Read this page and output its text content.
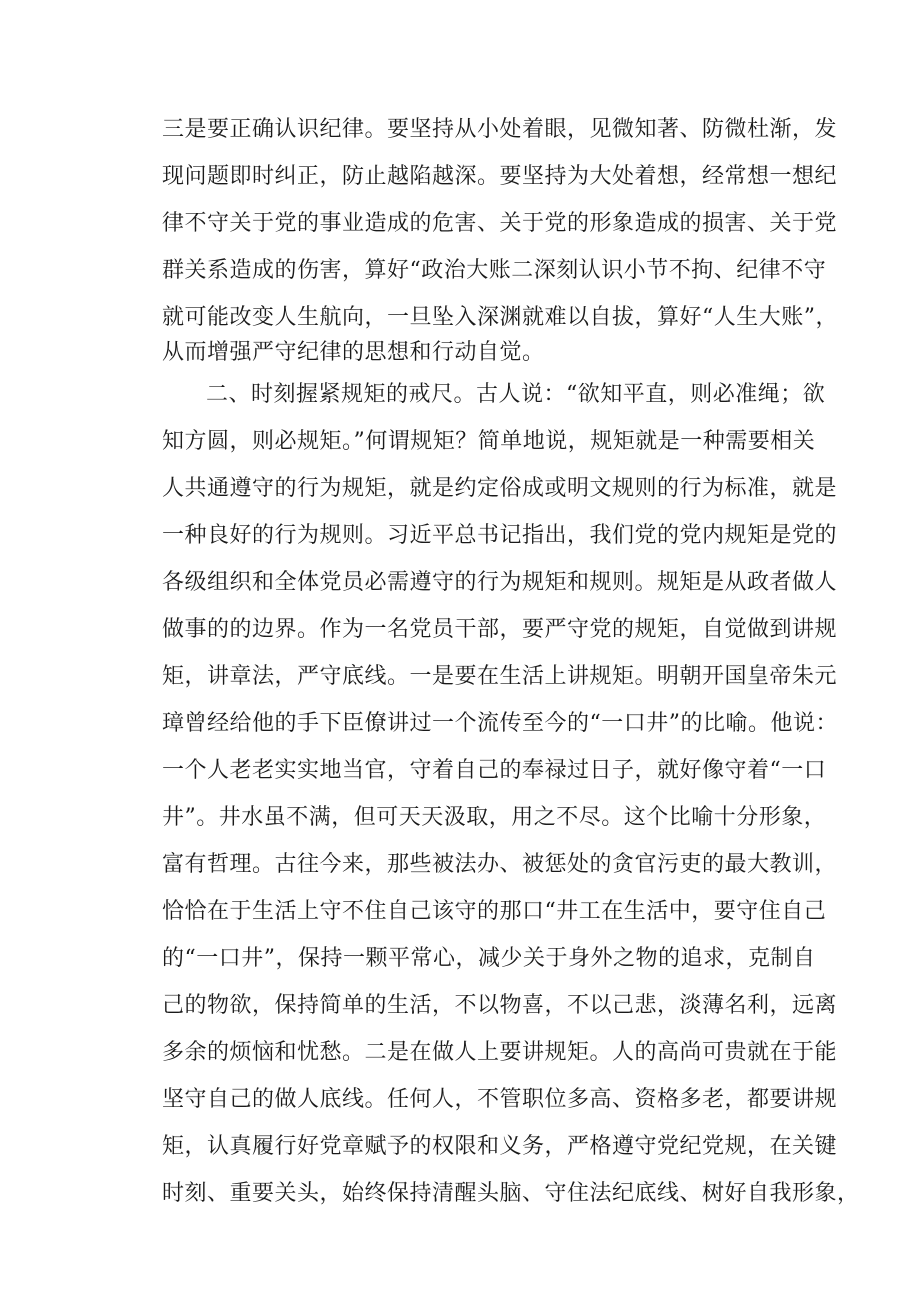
三是要正确认识纪律。要坚持从小处着眼，见微知著、防微杜渐，发
现问题即时纠正，防止越陷越深。要坚持为大处着想，经常想一想纪
律不守关于党的事业造成的危害、关于党的形象造成的损害、关于党
群关系造成的伤害，算好“政治大账二深刻认识小节不拘、纪律不守
就可能改变人生航向，一旦坠入深渊就难以自拔，算好“人生大账”，
从而增强严守纪律的思想和行动自觉。
二、时刻握紧规矩的戒尺。古人说：“欲知平直，则必准绳；欲
知方圆，则必规矩。”何谓规矩？简单地说，规矩就是一种需要相关
人共通遵守的行为规矩，就是约定俗成或明文规则的行为标准，就是
一种良好的行为规则。习近平总书记指出，我们党的党内规矩是党的
各级组织和全体党员必需遵守的行为规矩和规则。规矩是从政者做人
做事的的边界。作为一名党员干部，要严守党的规矩，自觉做到讲规
矩，讲章法，严守底线。一是要在生活上讲规矩。明朝开国皇帝朱元
璋曾经给他的手下臣僚讲过一个流传至今的“一口井”的比喻。他说：
一个人老老实实地当官，守着自己的奉禄过日子，就好像守着“一口
井”。井水虽不满，但可天天汲取，用之不尽。这个比喻十分形象，
富有哲理。古往今来，那些被法办、被惩处的贪官污吏的最大教训，
恰恰在于生活上守不住自己该守的那口“井工在生活中，要守住自己
的“一口井”，保持一颗平常心，减少关于身外之物的追求，克制自
己的物欲，保持简单的生活，不以物喜，不以己悲，淡薄名利，远离
多余的烦恼和忧愁。二是在做人上要讲规矩。人的高尚可贵就在于能
坚守自己的做人底线。任何人，不管职位多高、资格多老，都要讲规
矩，认真履行好党章赋予的权限和义务，严格遵守党纪党规，在关键
时刻、重要关头，始终保持清醒头脑、守住法纪底线、树好自我形象，
